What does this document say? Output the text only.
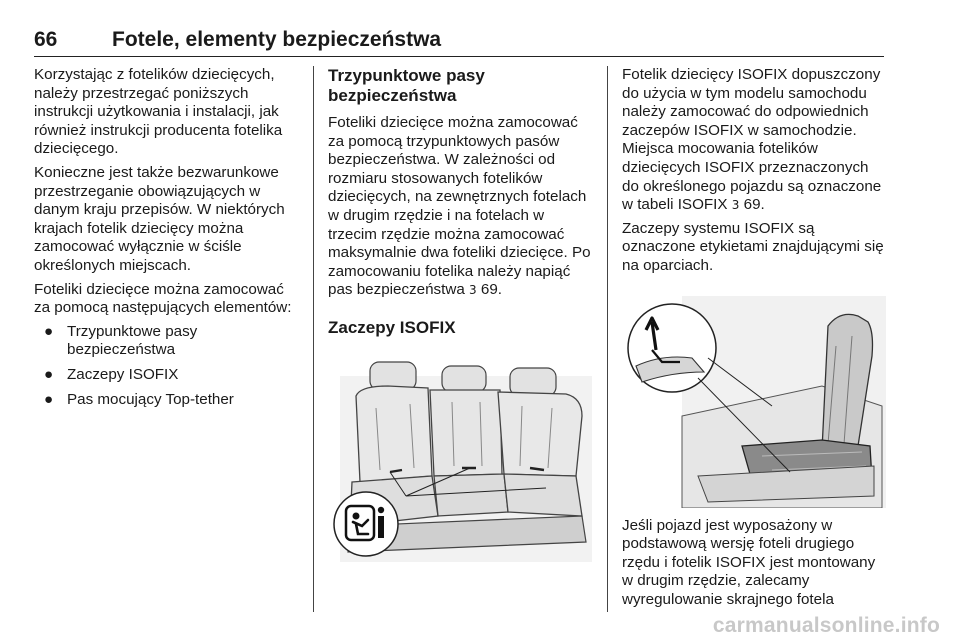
66	Fotele, elementy bezpieczeństwa

Korzystając z fotelików dziecięcych, należy przestrzegać poniższych instrukcji użytkowania i instalacji, jak również instrukcji producenta fotelika dziecięcego.

Konieczne jest także bezwarunkowe przestrzeganie obowiązujących w danym kraju przepisów. W niektórych krajach fotelik dziecięcy można zamocować wyłącznie w ściśle określonych miejscach.

Foteliki dziecięce można zamocować za pomocą następujących elementów:

● Trzypunktowe pasy bezpieczeństwa
● Zaczepy ISOFIX
● Pas mocujący Top-tether
Trzypunktowe pasy bezpieczeństwa

Foteliki dziecięce można zamocować za pomocą trzypunktowych pasów bezpieczeństwa. W zależności od rozmiaru stosowanych fotelików dziecięcych, na zewnętrznych fotelach w drugim rzędzie i na fotelach w trzecim rzędzie można zamocować maksymalnie dwa foteliki dziecięce. Po zamocowaniu fotelika należy napiąć pas bezpieczeństwa 3 69.

Zaczepy ISOFIX

Fotelik dziecięcy ISOFIX dopuszczony do użycia w tym modelu samochodu należy zamocować do odpowiednich zaczepów ISOFIX w samochodzie. Miejsca mocowania fotelików dziecięcych ISOFIX przeznaczonych do określonego pojazdu są oznaczone w tabeli ISOFIX 3 69.

Zaczepy systemu ISOFIX są oznaczone etykietami znajdującymi się na oparciach.

Jeśli pojazd jest wyposażony w podstawową wersję foteli drugiego rzędu i fotelik ISOFIX jest montowany w drugim rzędzie, zalecamy wyregulowanie skrajnego fotela

carmanualsonline.info
